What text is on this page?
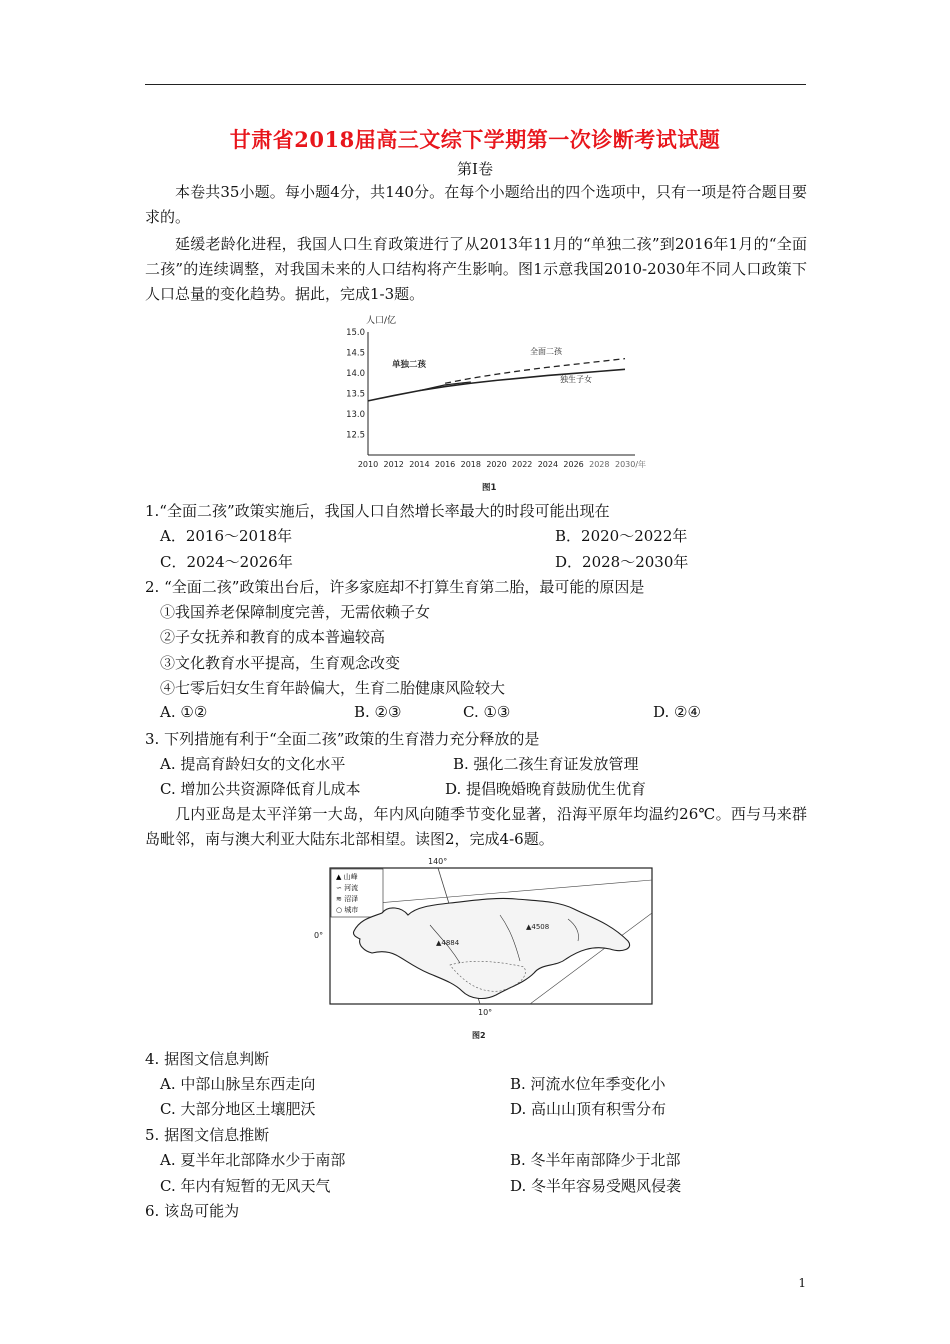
甘肃省2018届高三文综下学期第一次诊断考试试题
第Ⅰ卷
本卷共35小题。每小题4分，共140分。在每个小题给出的四个选项中，只有一项是符合题目要求的。
延缓老龄化进程，我国人口生育政策进行了从2013年11月的“单独二孩”到2016年1月的“全面二孩”的连续调整，对我国未来的人口结构将产生影响。图1示意我国2010-2030年不同人口政策下人口总量的变化趋势。据此，完成1-3题。
人口/亿
15.0
14.5
14.0
13.5
13.0
12.5
2010 2012 2014 2016 2018 2020 2022 2024 2026 2028 2030/年
全面二孩
独生子女
单独二孩
图1
1.“全面二孩”政策实施后，我国人口自然增长率最大的时段可能出现在
A．2016～2018年	B．2020～2022年
C．2024～2026年	D．2028～2030年
2. “全面二孩”政策出台后，许多家庭却不打算生育第二胎，最可能的原因是
①我国养老保障制度完善，无需依赖子女
②子女抚养和教育的成本普遍较高
③文化教育水平提高，生育观念改变
④七零后妇女生育年龄偏大，生育二胎健康风险较大
A. ①②	B. ②③	C. ①③	D. ②④
3. 下列措施有利于“全面二孩”政策的生育潜力充分释放的是
A. 提高育龄妇女的文化水平	B. 强化二孩生育证发放管理
C. 增加公共资源降低育儿成本	D. 提倡晚婚晚育鼓励优生优育
几内亚岛是太平洋第一大岛，年内风向随季节变化显著，沿海平原年均温约26℃。西与马来群岛毗邻，南与澳大利亚大陆东北部相望。读图2，完成4-6题。
140°
0°
10°
▲ 山峰
∽ 河流
≋ 沼泽
○ 城市
▲4884
▲4508
图2
4. 据图文信息判断
A. 中部山脉呈东西走向	B. 河流水位年季变化小
C. 大部分地区土壤肥沃	D. 高山山顶有积雪分布
5. 据图文信息推断
A. 夏半年北部降水少于南部	B. 冬半年南部降少于北部
C. 年内有短暂的无风天气	D. 冬半年容易受飓风侵袭
6. 该岛可能为
1
